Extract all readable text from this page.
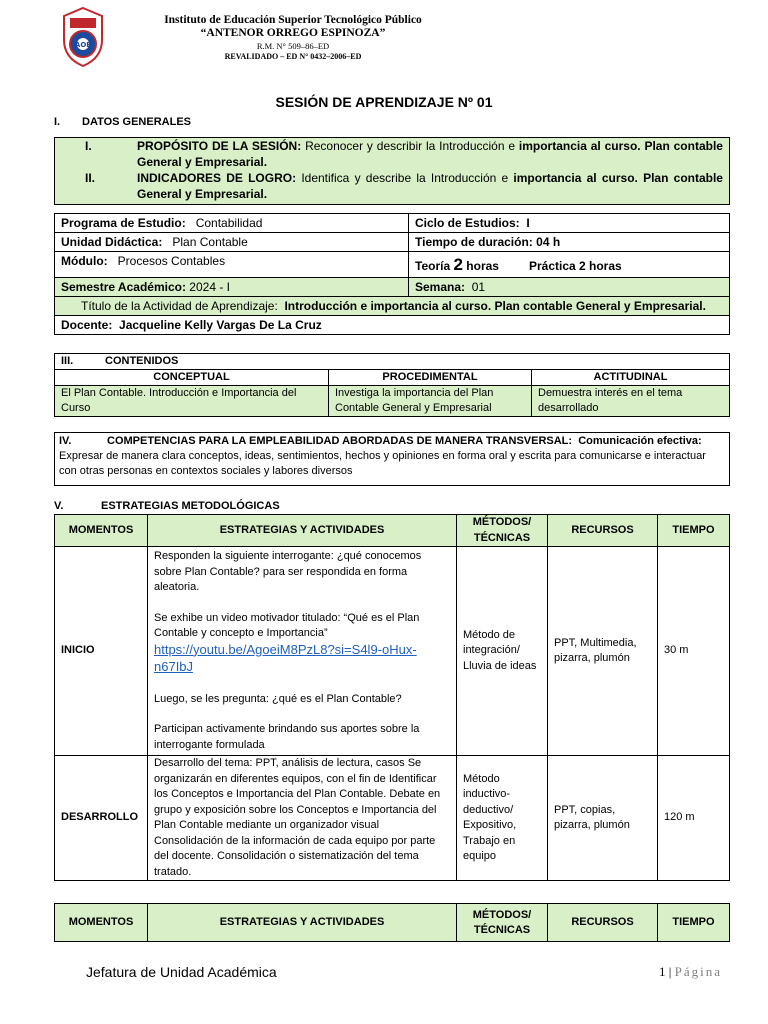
AOE
Instituto de Educación Superior Tecnológico Público
“ANTENOR ORREGO ESPINOZA”
R.M. N° 509–86–ED
REVALIDADO – ED N° 0432–2006–ED
SESIÓN DE APRENDIZAJE Nº 01
I. DATOS GENERALES
I.	PROPÓSITO DE LA SESIÓN: Reconocer y describir la Introducción e importancia al curso. Plan contable General y Empresarial.
II.	INDICADORES DE LOGRO: Identifica y describe la Introducción e importancia al curso. Plan contable General y Empresarial.
Programa de Estudio: Contabilidad	Ciclo de Estudios: I
Unidad Didáctica: Plan Contable	Tiempo de duración: 04 h
Módulo: Procesos Contables	Teoría 2 horas Práctica 2 horas
Semestre Académico: 2024 - I	Semana: 01
Título de la Actividad de Aprendizaje: Introducción e importancia al curso. Plan contable General y Empresarial.	
Docente: Jacqueline Kelly Vargas De La Cruz	
III. CONTENIDOS		
CONCEPTUAL	PROCEDIMENTAL	ACTITUDINAL
El Plan Contable. Introducción e Importancia del Curso	Investiga la importancia del Plan Contable General y Empresarial	Demuestra interés en el tema desarrollado
IV.	COMPETENCIAS PARA LA EMPLEABILIDAD ABORDADAS DE MANERA TRANSVERSAL: Comunicación efectiva: Expresar de manera clara conceptos, ideas, sentimientos, hechos y opiniones en forma oral y escrita para comunicarse e interactuar con otras personas en contextos sociales y labores diversos
V.	ESTRATEGIAS METODOLÓGICAS
MOMENTOS	ESTRATEGIAS Y ACTIVIDADES	MÉTODOS/ TÉCNICAS	RECURSOS	TIEMPO
INICIO	Responden la siguiente interrogante: ¿qué conocemos sobre Plan Contable? para ser respondida en forma aleatoria.
Se exhibe un video motivador titulado: “Qué es el Plan Contable y concepto e Importancia”
https://youtu.be/AgoeiM8PzL8?si=S4l9-oHux-n67IbJ
Luego, se les pregunta: ¿qué es el Plan Contable?
Participan activamente brindando sus aportes sobre la interrogante formulada	Método de integración/ Lluvia de ideas	PPT, Multimedia, pizarra, plumón	30 m
DESARROLLO	Desarrollo del tema: PPT, análisis de lectura, casos Se organizarán en diferentes equipos, con el fin de Identificar los Conceptos e Importancia del Plan Contable. Debate en grupo y exposición sobre los Conceptos e Importancia del Plan Contable mediante un organizador visual Consolidación de la información de cada equipo por parte del docente. Consolidación o sistematización del tema tratado.	Método inductivo-deductivo/ Expositivo, Trabajo en equipo	PPT, copias, pizarra, plumón	120 m
MOMENTOS	ESTRATEGIAS Y ACTIVIDADES	MÉTODOS/ TÉCNICAS	RECURSOS	TIEMPO
Jefatura de Unidad Académica	1 | Página
